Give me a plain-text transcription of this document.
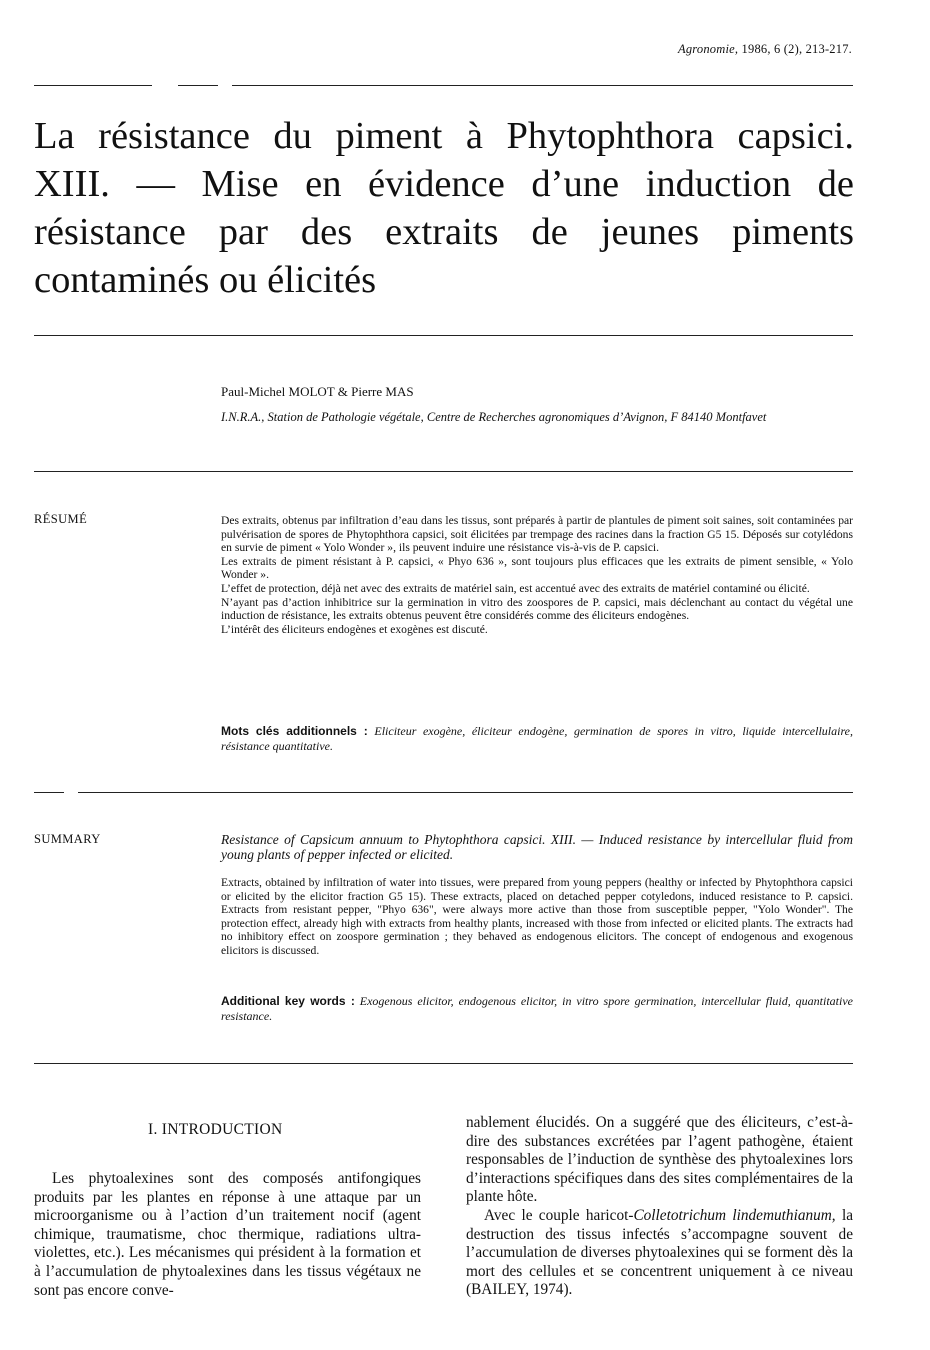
Agronomie, 1986, 6 (2), 213-217.
La résistance du piment à Phytophthora capsici.
XIII. — Mise en évidence d’une induction de
résistance par des extraits de jeunes piments
contaminés ou élicités
Paul-Michel MOLOT & Pierre MAS
I.N.R.A., Station de Pathologie végétale, Centre de Recherches agronomiques d’Avignon, F 84140 Montfavet
RÉSUMÉ	Des extraits, obtenus par infiltration d’eau dans les tissus, sont préparés à partir de plantules de piment soit saines, soit contaminées par pulvérisation de spores de Phytophthora capsici, soit élicitées par trempage des racines dans la fraction G5 15. Déposés sur cotylédons en survie de piment « Yolo Wonder », ils peuvent induire une résistance vis-à-vis de P. capsici.

Les extraits de piment résistant à P. capsici, « Phyo 636 », sont toujours plus efficaces que les extraits de piment sensible, « Yolo Wonder ».

L’effet de protection, déjà net avec des extraits de matériel sain, est accentué avec des extraits de matériel contaminé ou élicité.

N’ayant pas d’action inhibitrice sur la germination in vitro des zoospores de P. capsici, mais déclenchant au contact du végétal une induction de résistance, les extraits obtenus peuvent être considérés comme des éliciteurs endogènes.

L’intérêt des éliciteurs endogènes et exogènes est discuté.

Mots clés additionnels : Eliciteur exogène, éliciteur endogène, germination de spores in vitro, liquide intercellulaire, résistance quantitative.
SUMMARY	Resistance of Capsicum annuum to Phytophthora capsici. XIII. — Induced resistance by intercellular fluid from young plants of pepper infected or elicited.

Extracts, obtained by infiltration of water into tissues, were prepared from young peppers (healthy or infected by Phytophthora capsici or elicited by the elicitor fraction G5 15). These extracts, placed on detached pepper cotyledons, induced resistance to P. capsici. Extracts from resistant pepper, "Phyo 636", were always more active than those from susceptible pepper, "Yolo Wonder". The protection effect, already high with extracts from healthy plants, increased with those from infected or elicited plants. The extracts had no inhibitory effect on zoospore germination ; they behaved as endogenous elicitors. The concept of endogenous and exogenous elicitors is discussed.

Additional key words : Exogenous elicitor, endogenous elicitor, in vitro spore germination, intercellular fluid, quantitative resistance.
I. INTRODUCTION

Les phytoalexines sont des composés antifongiques produits par les plantes en réponse à une attaque par un microorganisme ou à l’action d’un traitement nocif (agent chimique, traumatisme, choc thermique, radiations ultra-violettes, etc.). Les mécanismes qui président à la formation et à l’accumulation de phytoalexines dans les tissus végétaux ne sont pas encore conve-

nablement élucidés. On a suggéré que des éliciteurs, c’est-à-dire des substances excrétées par l’agent pathogène, étaient responsables de l’induction de synthèse des phytoalexines lors d’interactions spécifiques dans des sites complémentaires de la plante hôte.

Avec le couple haricot-Colletotrichum lindemuthianum, la destruction des tissus infectés s’accompagne souvent de l’accumulation de diverses phytoalexines qui se forment dès la mort des cellules et se concentrent uniquement à ce niveau (BAILEY, 1974).
